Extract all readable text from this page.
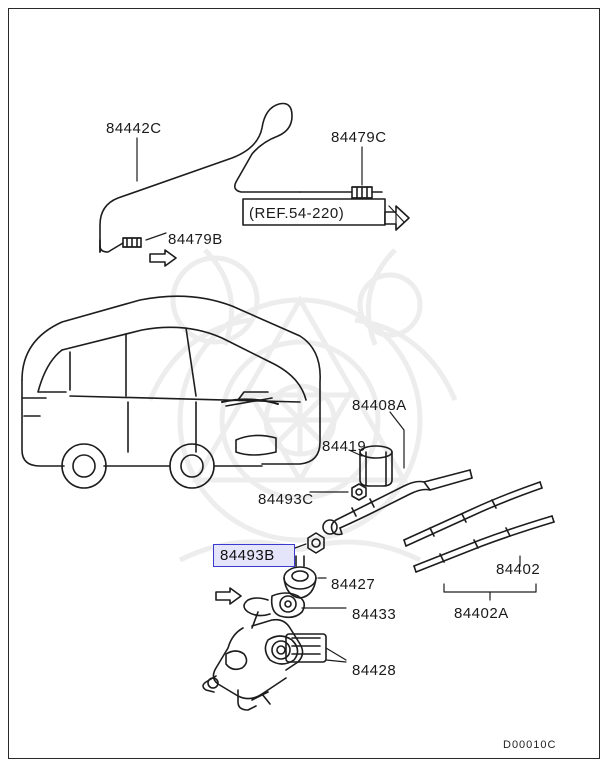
84442C
84479C
84479B
(REF.54-220)
84408A
84419
84493C
84402
84402A
84427
84433
84428
84493B
D00010C
